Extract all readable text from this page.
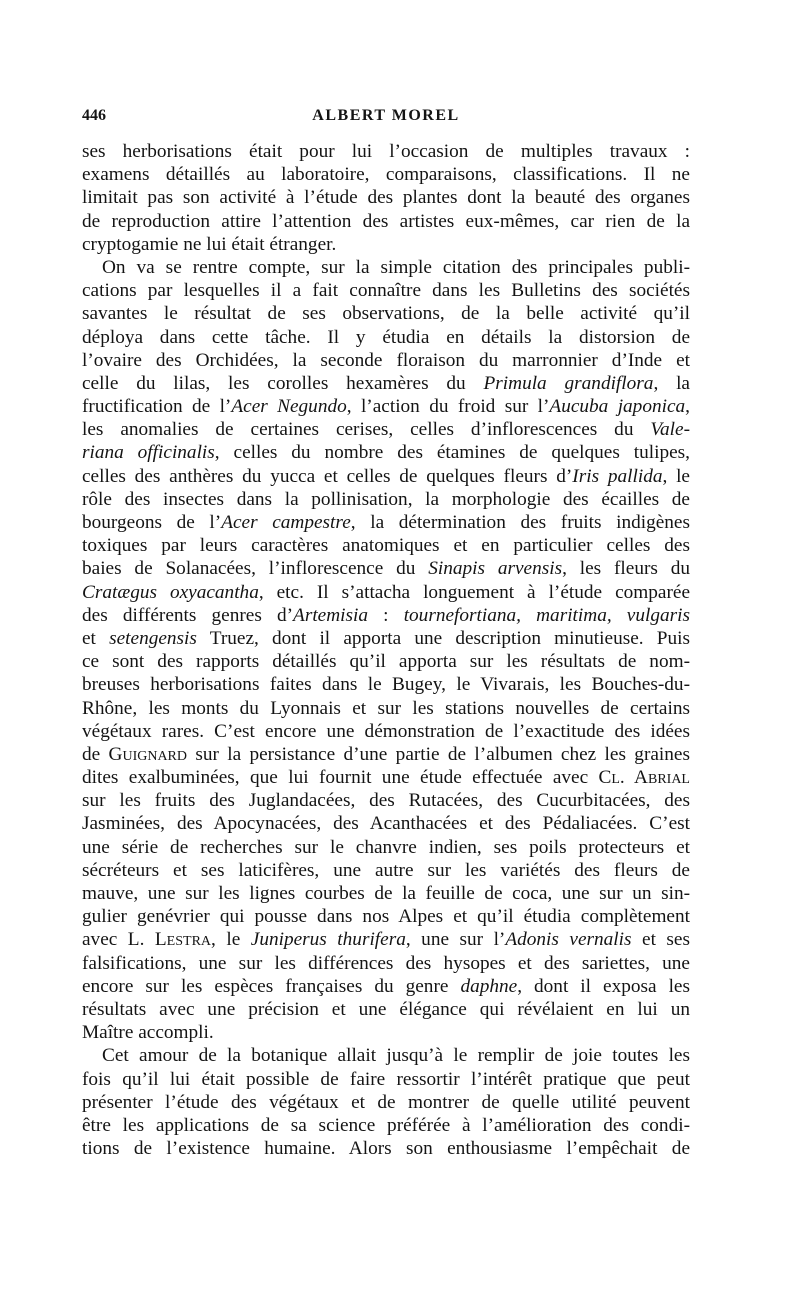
446	ALBERT MOREL
ses herborisations était pour lui l’occasion de multiples travaux :
examens détaillés au laboratoire, comparaisons, classifications. Il ne
limitait pas son activité à l’étude des plantes dont la beauté des organes
de reproduction attire l’attention des artistes eux-mêmes, car rien de la
cryptogamie ne lui était étranger.
On va se rentre compte, sur la simple citation des principales publi-
cations par lesquelles il a fait connaître dans les Bulletins des sociétés
savantes le résultat de ses observations, de la belle activité qu’il
déploya dans cette tâche. Il y étudia en détails la distorsion de
l’ovaire des Orchidées, la seconde floraison du marronnier d’Inde et
celle du lilas, les corolles hexamères du Primula grandiflora, la
fructification de l’Acer Negundo, l’action du froid sur l’Aucuba japonica,
les anomalies de certaines cerises, celles d’inflorescences du Vale-
riana officinalis, celles du nombre des étamines de quelques tulipes,
celles des anthères du yucca et celles de quelques fleurs d’Iris pallida, le
rôle des insectes dans la pollinisation, la morphologie des écailles de
bourgeons de l’Acer campestre, la détermination des fruits indigènes
toxiques par leurs caractères anatomiques et en particulier celles des
baies de Solanacées, l’inflorescence du Sinapis arvensis, les fleurs du
Cratægus oxyacantha, etc. Il s’attacha longuement à l’étude comparée
des différents genres d’Artemisia : tournefortiana, maritima, vulgaris
et setengensis Truez, dont il apporta une description minutieuse. Puis
ce sont des rapports détaillés qu’il apporta sur les résultats de nom-
breuses herborisations faites dans le Bugey, le Vivarais, les Bouches-du-
Rhône, les monts du Lyonnais et sur les stations nouvelles de certains
végétaux rares. C’est encore une démonstration de l’exactitude des idées
de Guignard sur la persistance d’une partie de l’albumen chez les graines
dites exalbuminées, que lui fournit une étude effectuée avec Cl. Abrial
sur les fruits des Juglandacées, des Rutacées, des Cucurbitacées, des
Jasminées, des Apocynacées, des Acanthacées et des Pédaliacées. C’est
une série de recherches sur le chanvre indien, ses poils protecteurs et
sécréteurs et ses laticifères, une autre sur les variétés des fleurs de
mauve, une sur les lignes courbes de la feuille de coca, une sur un sin-
gulier genévrier qui pousse dans nos Alpes et qu’il étudia complètement
avec L. Lestra, le Juniperus thurifera, une sur l’Adonis vernalis et ses
falsifications, une sur les différences des hysopes et des sariettes, une
encore sur les espèces françaises du genre daphne, dont il exposa les
résultats avec une précision et une élégance qui révélaient en lui un
Maître accompli.
Cet amour de la botanique allait jusqu’à le remplir de joie toutes les
fois qu’il lui était possible de faire ressortir l’intérêt pratique que peut
présenter l’étude des végétaux et de montrer de quelle utilité peuvent
être les applications de sa science préférée à l’amélioration des condi-
tions de l’existence humaine. Alors son enthousiasme l’empêchait de
